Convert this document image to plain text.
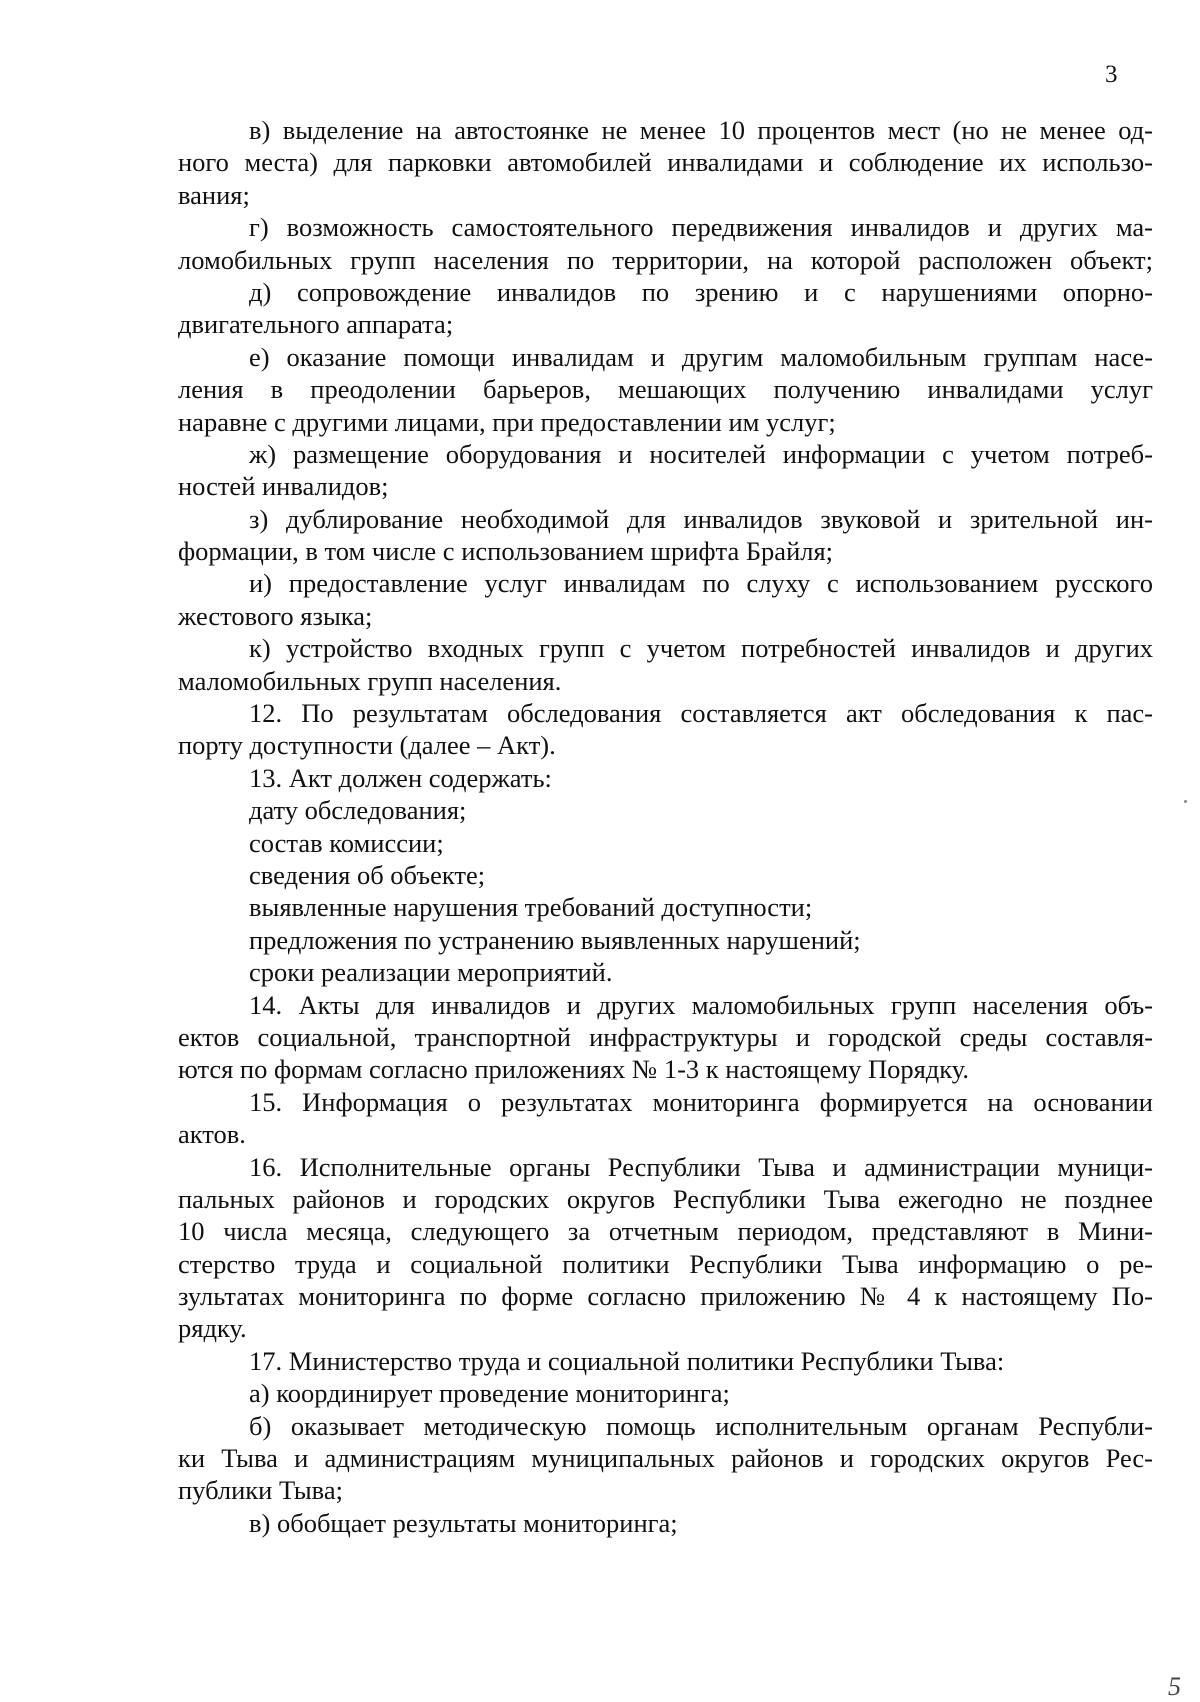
3
в) выделение на автостоянке не менее 10 процентов мест (но не менее од-
ного места) для парковки автомобилей инвалидами и соблюдение их использо-
вания;
г) возможность самостоятельного передвижения инвалидов и других ма-
ломобильных групп населения по территории, на которой расположен объект;
д) сопровождение инвалидов по зрению и с нарушениями опорно-
двигательного аппарата;
е) оказание помощи инвалидам и другим маломобильным группам насе-
ления в преодолении барьеров, мешающих получению инвалидами услуг
наравне с другими лицами, при предоставлении им услуг;
ж) размещение оборудования и носителей информации с учетом потреб-
ностей инвалидов;
з) дублирование необходимой для инвалидов звуковой и зрительной ин-
формации, в том числе с использованием шрифта Брайля;
и) предоставление услуг инвалидам по слуху с использованием русского
жестового языка;
к) устройство входных групп с учетом потребностей инвалидов и других
маломобильных групп населения.
12. По результатам обследования составляется акт обследования к пас-
порту доступности (далее – Акт).
13. Акт должен содержать:
дату обследования;
состав комиссии;
сведения об объекте;
выявленные нарушения требований доступности;
предложения по устранению выявленных нарушений;
сроки реализации мероприятий.
14. Акты для инвалидов и других маломобильных групп населения объ-
ектов социальной, транспортной инфраструктуры и городской среды составля-
ются по формам согласно приложениях № 1-3 к настоящему Порядку.
15. Информация о результатах мониторинга формируется на основании
актов.
16. Исполнительные органы Республики Тыва и администрации муници-
пальных районов и городских округов Республики Тыва ежегодно не позднее
10 числа месяца, следующего за отчетным периодом, представляют в Мини-
стерство труда и социальной политики Республики Тыва информацию о ре-
зультатах мониторинга по форме согласно приложению № 4 к настоящему По-
рядку.
17. Министерство труда и социальной политики Республики Тыва:
а) координирует проведение мониторинга;
б) оказывает методическую помощь исполнительным органам Республи-
ки Тыва и администрациям муниципальных районов и городских округов Рес-
публики Тыва;
в) обобщает результаты мониторинга;
5
